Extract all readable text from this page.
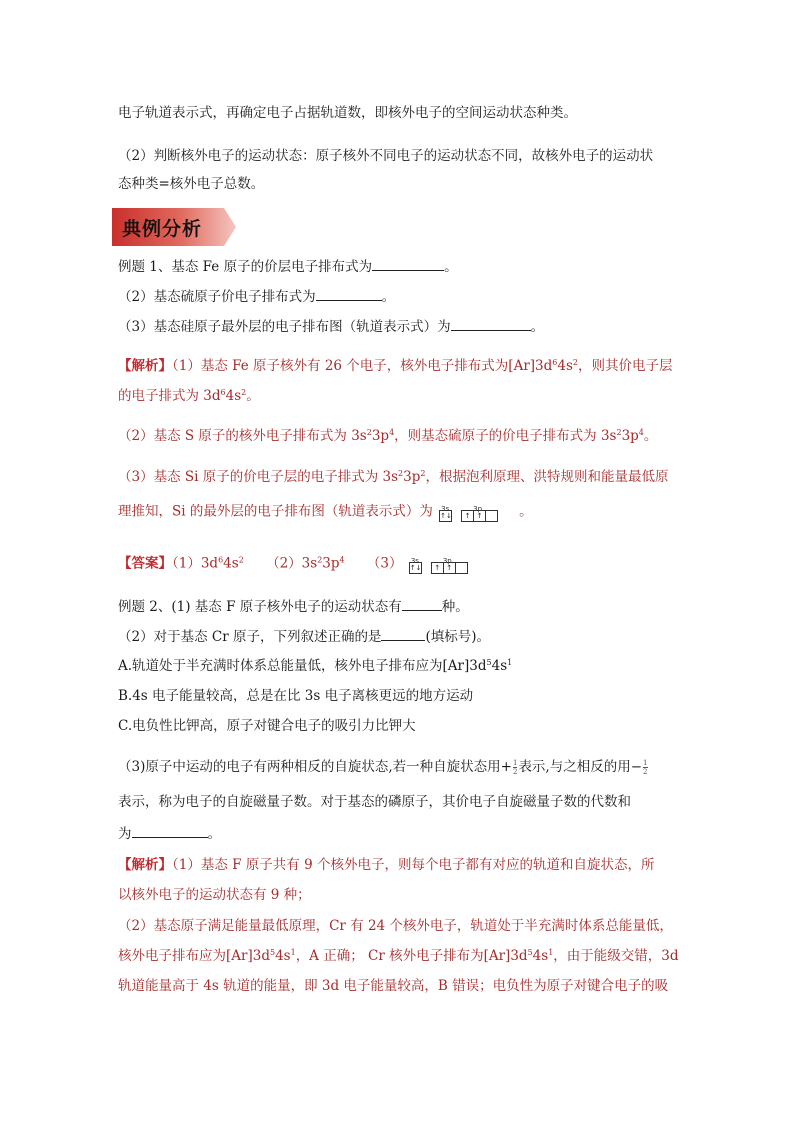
电子轨道表示式，再确定电子占据轨道数，即核外电子的空间运动状态种类。
（2）判断核外电子的运动状态：原子核外不同电子的运动状态不同，故核外电子的运动状
态种类=核外电子总数。
典例分析
例题 1、基态 Fe 原子的价层电子排布式为	。
（2）基态硫原子价电子排布式为	。
（3）基态硅原子最外层的电子排布图（轨道表示式）为	。
【解析】（1）基态 Fe 原子核外有 26 个电子，核外电子排布式为$[Ar]3d^64s^2$，则其价电子层
的电子排式为 $3d^64s^2$。
（2）基态 S 原子的核外电子排布式为 $3s^23p^4$，则基态硫原子的价电子排布式为 $3s^23p^4$。
（3）基态 Si 原子的价电子层的电子排式为 $3s^23p^2$，根据泡利原理、洪特规则和能量最低原
理推知，Si 的最外层的电子排布图（轨道表示式）为 3s	3p
↑↓	↑ ↑	。
【答案】$(1)3d^64s^2$ $(2)3s^23p^4$ （3） 3s	3p
↑↓	↑ ↑
例题 2、(1) 基态 F 原子核外电子的运动状态有	种。
（2）对于基态 Cr 原子，下列叙述正确的是	(填标号)。
A.轨道处于半充满时体系总能量低，核外电子排布应为$[Ar]3d^54s^1$
B.4s 电子能量较高，总是在比 3s 电子离核更远的地方运动
C.电负性比钾高，原子对键合电子的吸引力比钾大
（3)原子中运动的电子有两种相反的自旋状态,若一种自旋状态用+ $\frac{1}{2}$ 表示,与之相反的用− $\frac{1}{2}$
表示，称为电子的自旋磁量子数。对于基态的磷原子，其价电子自旋磁量子数的代数和
为	。
【解析】（1）基态 F 原子共有 9 个核外电子，则每个电子都有对应的轨道和自旋状态，所
以核外电子的运动状态有 9 种；
（2）基态原子满足能量最低原理，Cr 有 24 个核外电子，轨道处于半充满时体系总能量低，
核外电子排布应为$[Ar]3d^54s^1$，A 正确； Cr 核外电子排布为$[Ar]3d^54s^1$，由于能级交错，3d
轨道能量高于 4s 轨道的能量，即 3d 电子能量较高，B 错误；电负性为原子对键合电子的吸
